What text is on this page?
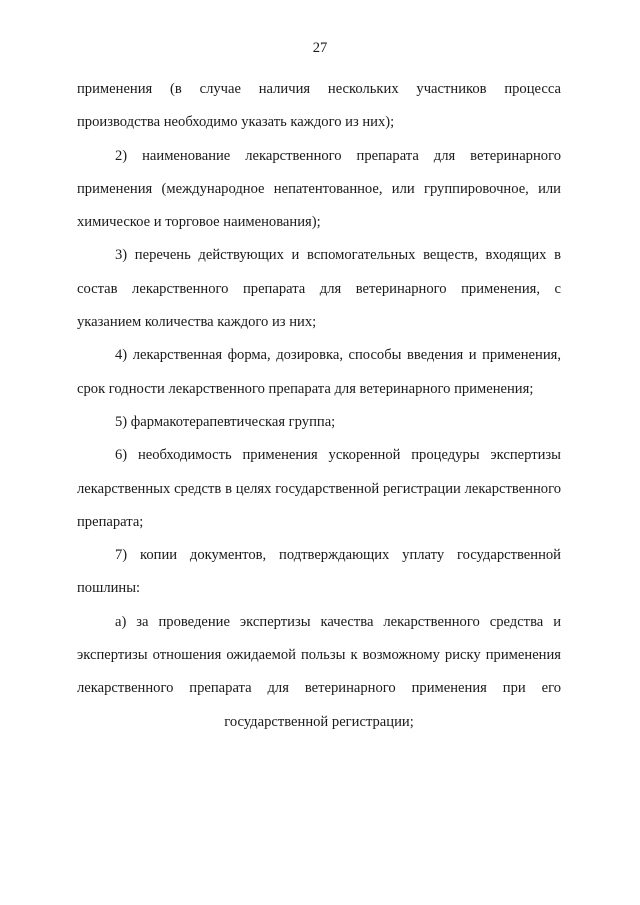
27

применения (в случае наличия нескольких участников процесса производства необходимо указать каждого из них);

2) наименование лекарственного препарата для ветеринарного применения (международное непатентованное, или группировочное, или химическое и торговое наименования);

3) перечень действующих и вспомогательных веществ, входящих в состав лекарственного препарата для ветеринарного применения, с указанием количества каждого из них;

4) лекарственная форма, дозировка, способы введения и применения, срок годности лекарственного препарата для ветеринарного применения;

5) фармакотерапевтическая группа;

6) необходимость применения ускоренной процедуры экспертизы лекарственных средств в целях государственной регистрации лекарственного препарата;

7) копии документов, подтверждающих уплату государственной пошлины:

а) за проведение экспертизы качества лекарственного средства и экспертизы отношения ожидаемой пользы к возможному риску применения лекарственного препарата для ветеринарного применения при его государственной регистрации;
